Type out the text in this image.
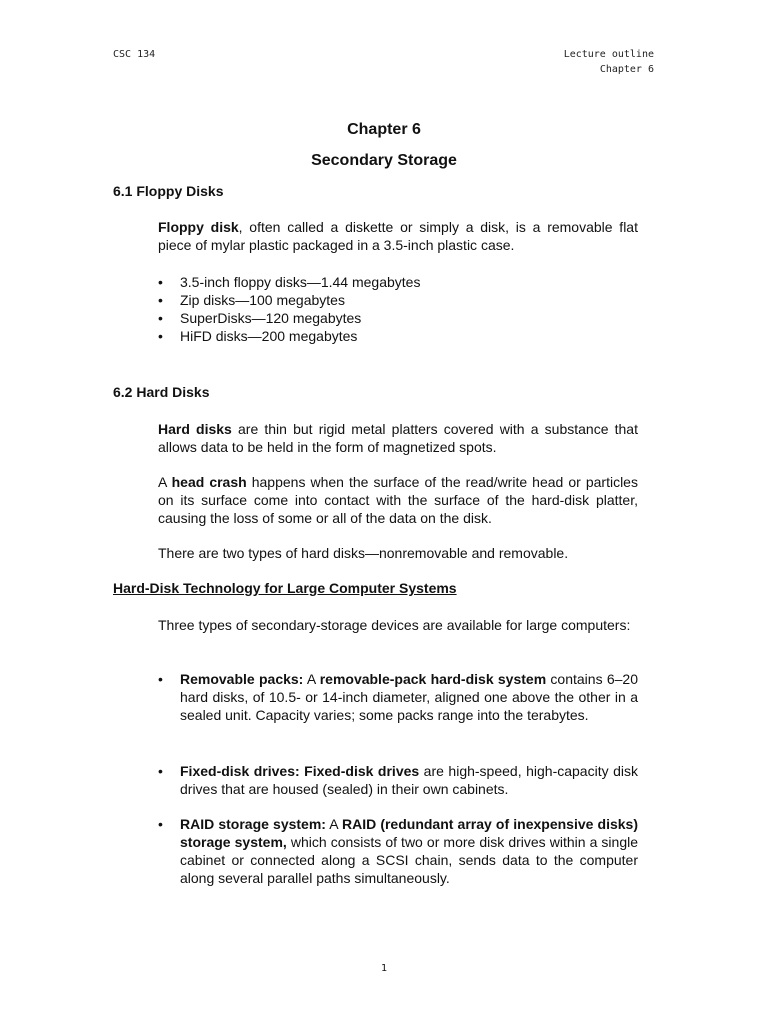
CSC 134	Lecture outline
Chapter 6
Chapter 6
Secondary Storage
6.1 Floppy Disks

Floppy disk, often called a diskette or simply a disk, is a removable flat piece of mylar plastic packaged in a 3.5-inch plastic case.

• 3.5-inch floppy disks—1.44 megabytes
• Zip disks—100 megabytes
• SuperDisks—120 megabytes
• HiFD disks—200 megabytes
6.2 Hard Disks

Hard disks are thin but rigid metal platters covered with a substance that allows data to be held in the form of magnetized spots.

A head crash happens when the surface of the read/write head or particles on its surface come into contact with the surface of the hard-disk platter, causing the loss of some or all of the data on the disk.

There are two types of hard disks—nonremovable and removable.

Hard-Disk Technology for Large Computer Systems

Three types of secondary-storage devices are available for large computers:

• Removable packs: A removable-pack hard-disk system contains 6–20 hard disks, of 10.5- or 14-inch diameter, aligned one above the other in a sealed unit. Capacity varies; some packs range into the terabytes.
• Fixed-disk drives: Fixed-disk drives are high-speed, high-capacity disk drives that are housed (sealed) in their own cabinets.
• RAID storage system: A RAID (redundant array of inexpensive disks) storage system, which consists of two or more disk drives within a single cabinet or connected along a SCSI chain, sends data to the computer along several parallel paths simultaneously.
1
